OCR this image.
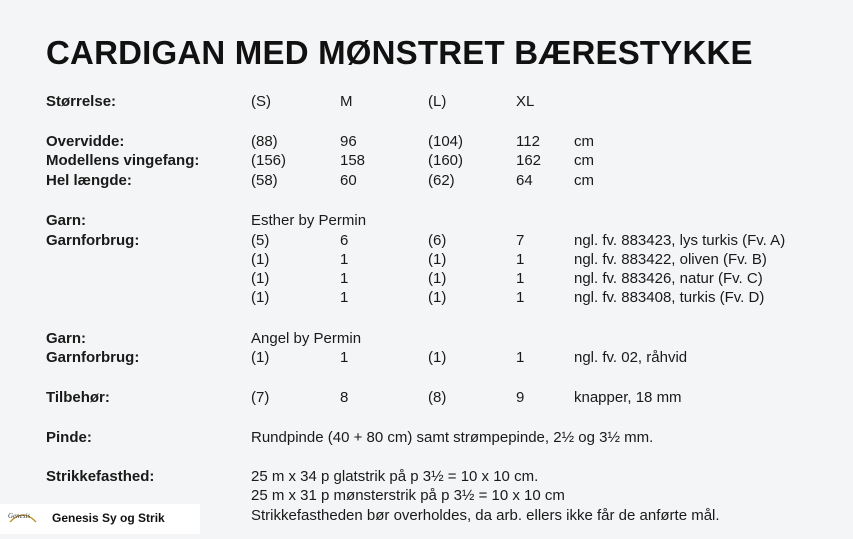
CARDIGAN MED MØNSTRET BÆRESTYKKE
Størrelse:	(S)	M	(L)	XL
Overvidde:	(88)	96	(104)	112 cm
Modellens vingefang:	(156)	158	(160)	162 cm
Hel længde:	(58)	60	(62)	64	cm
Garn:	Esther by Permin
Garnforbrug:	(5)	6	(6)	7	ngl. fv. 883423, lys turkis (Fv. A)
(1)	1	(1)	1	ngl. fv. 883422, oliven (Fv. B)
(1)	1	(1)	1	ngl. fv. 883426, natur (Fv. C)
(1)	1	(1)	1	ngl. fv. 883408, turkis (Fv. D)
Garn:	Angel by Permin
Garnforbrug:	(1)	1	(1)	1	ngl. fv. 02, råhvid
Tilbehør:	(7)	8	(8)	9	knapper, 18 mm
Pinde:	Rundpinde (40 + 80 cm) samt strømpepinde, 2½ og 3½ mm.
Strikkefasthed:	25 m x 34 p glatstrik på p 3½ = 10 x 10 cm.
25 m x 31 p mønsterstrik på p 3½ = 10 x 10 cm
Strikkefastheden bør overholdes, da arb. ellers ikke får de anførte mål.
Genesis Genesis Sy og Strik
